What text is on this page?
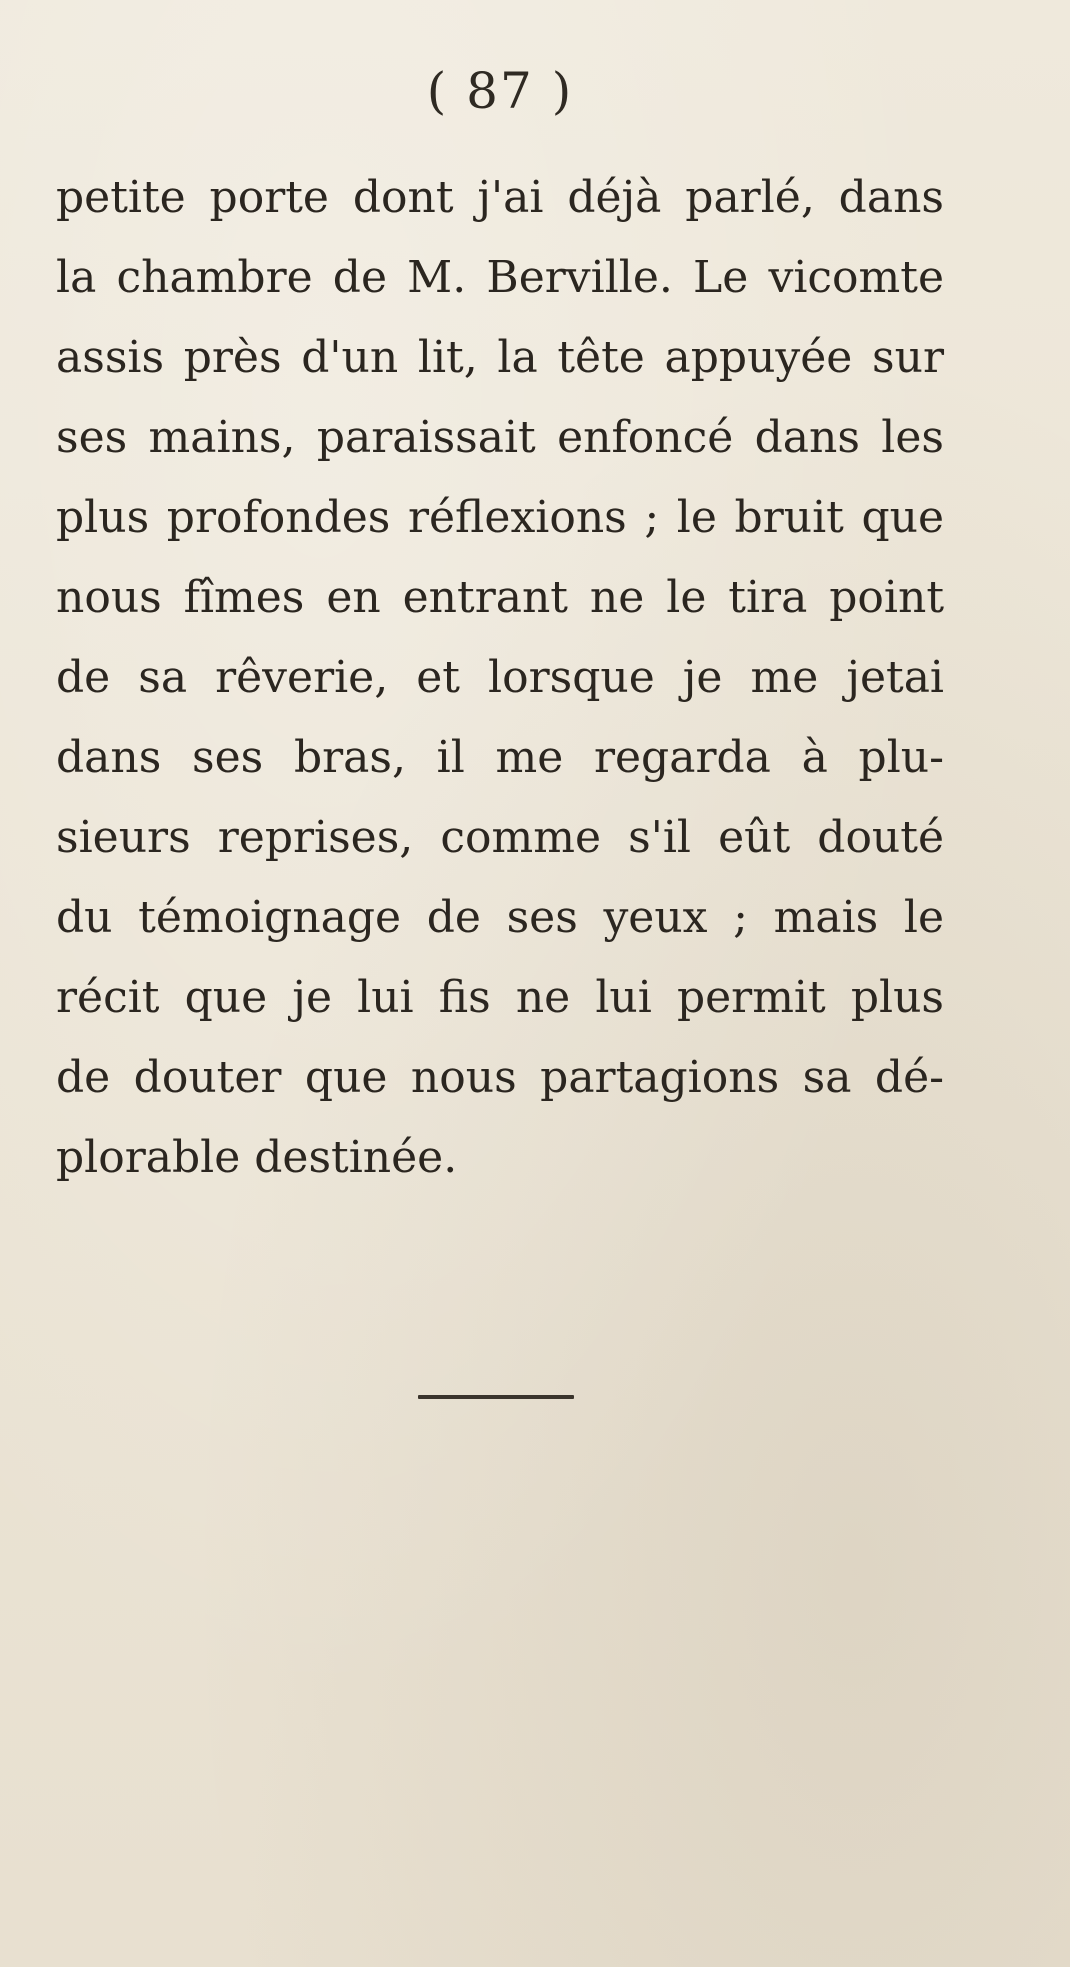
( 87 )
petite porte dont j'ai déjà parlé, dans
la chambre de M. Berville. Le vicomte
assis près d'un lit, la tête appuyée sur
ses mains, paraissait enfoncé dans les
plus profondes réflexions ; le bruit que
nous fîmes en entrant ne le tira point
de sa rêverie, et lorsque je me jetai
dans ses bras, il me regarda à plu-
sieurs reprises, comme s'il eût douté
du témoignage de ses yeux ; mais le
récit que je lui fis ne lui permit plus
de douter que nous partagions sa dé-
plorable destinée.
